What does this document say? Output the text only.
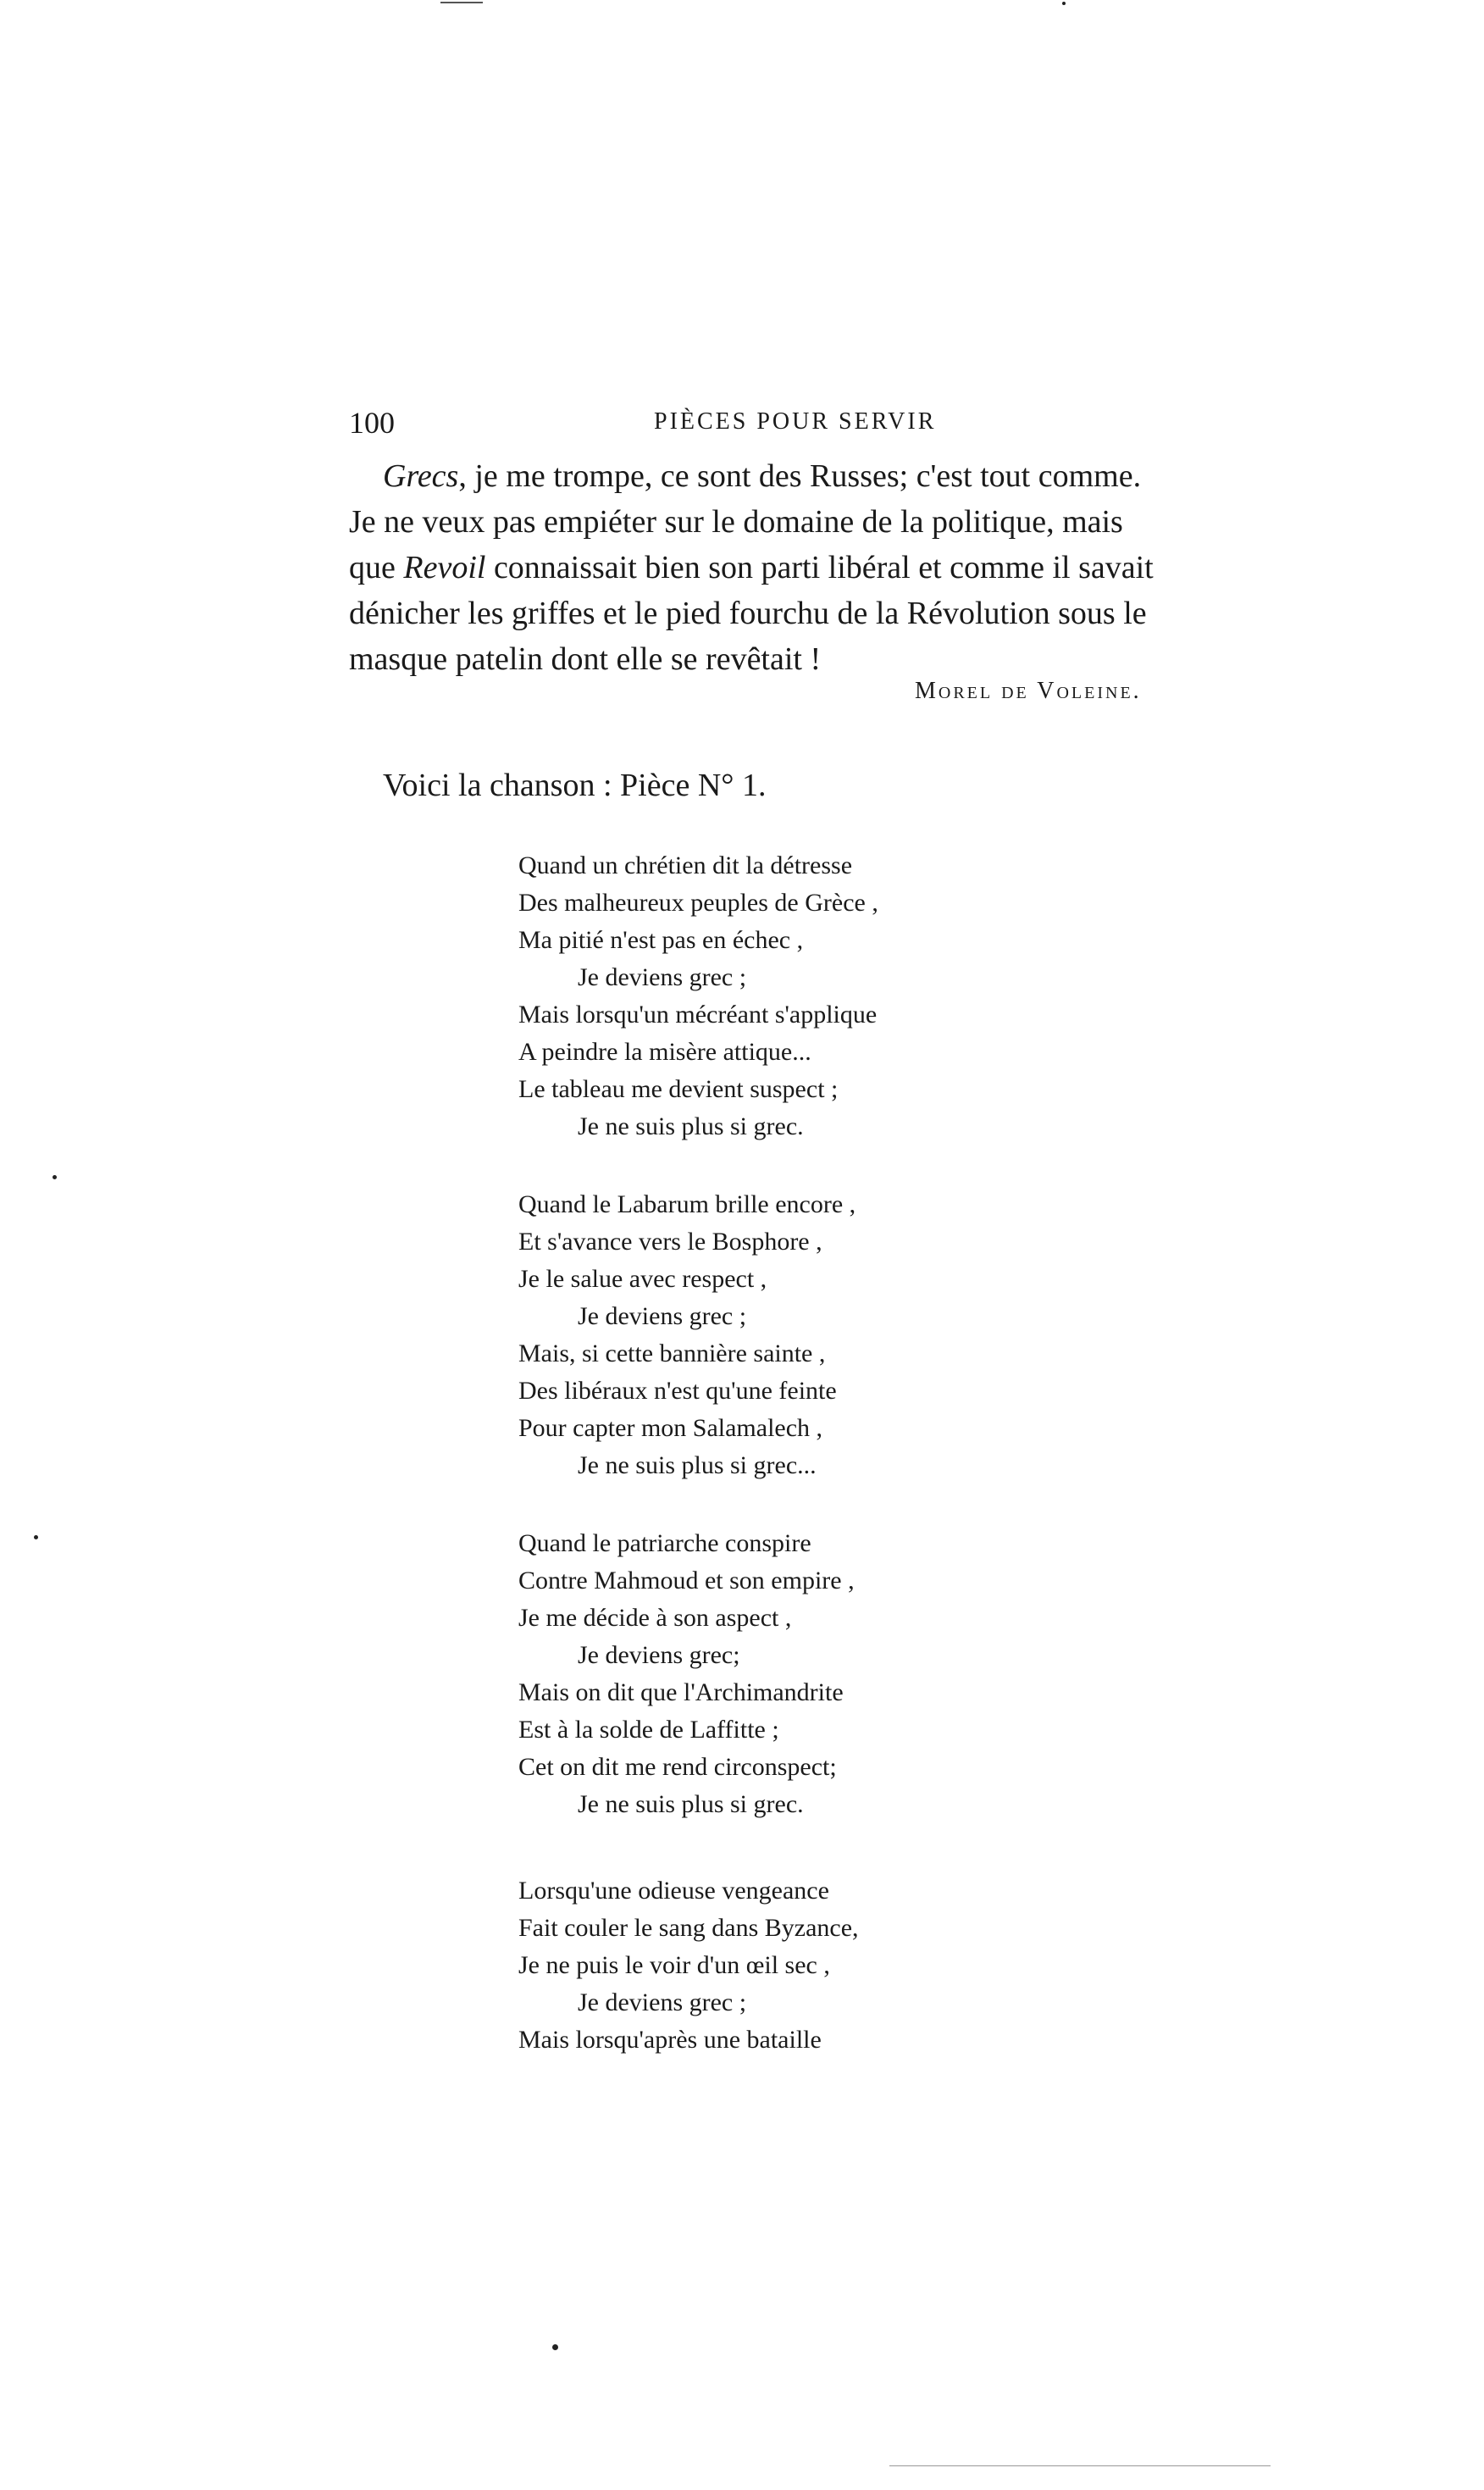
100	PIÈCES POUR SERVIR
Grecs, je me trompe, ce sont des Russes; c'est tout comme.
Je ne veux pas empiéter sur le domaine de la politique, mais
que Revoil connaissait bien son parti libéral et comme il savait
dénicher les griffes et le pied fourchu de la Révolution sous le
masque patelin dont elle se revêtait !
Morel de Voleine.
Voici la chanson : Pièce N° 1.
Quand un chrétien dit la détresse
Des malheureux peuples de Grèce ,
Ma pitié n'est pas en échec ,
Je deviens grec ;
Mais lorsqu'un mécréant s'applique
A peindre la misère attique...
Le tableau me devient suspect ;
Je ne suis plus si grec.
Quand le Labarum brille encore ,
Et s'avance vers le Bosphore ,
Je le salue avec respect ,
Je deviens grec ;
Mais, si cette bannière sainte ,
Des libéraux n'est qu'une feinte
Pour capter mon Salamalech ,
Je ne suis plus si grec...
Quand le patriarche conspire
Contre Mahmoud et son empire ,
Je me décide à son aspect ,
Je deviens grec;
Mais on dit que l'Archimandrite
Est à la solde de Laffitte ;
Cet on dit me rend circonspect;
Je ne suis plus si grec.
Lorsqu'une odieuse vengeance
Fait couler le sang dans Byzance,
Je ne puis le voir d'un œil sec ,
Je deviens grec ;
Mais lorsqu'après une bataille
